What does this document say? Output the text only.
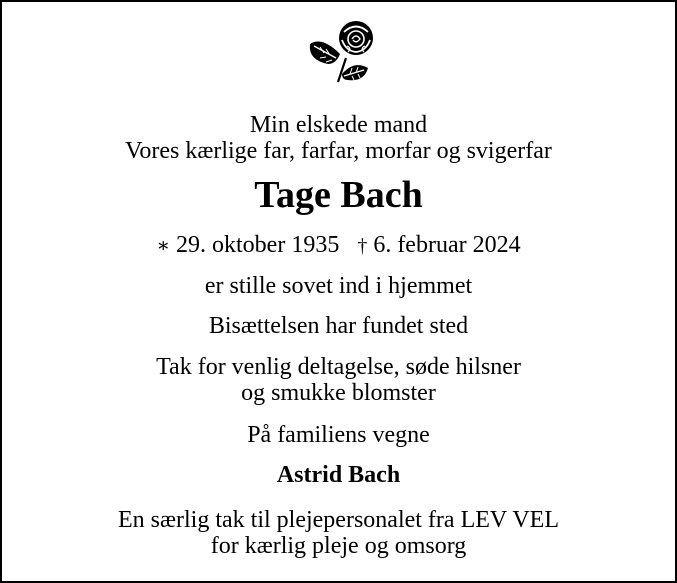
Min elskede mand
Vores kærlige far, farfar, morfar og svigerfar
Tage Bach
∗ 29. oktober 1935 † 6. februar 2024
er stille sovet ind i hjemmet
Bisættelsen har fundet sted
Tak for venlig deltagelse, søde hilsner
og smukke blomster
På familiens vegne
Astrid Bach
En særlig tak til plejepersonalet fra LEV VEL
for kærlig pleje og omsorg
